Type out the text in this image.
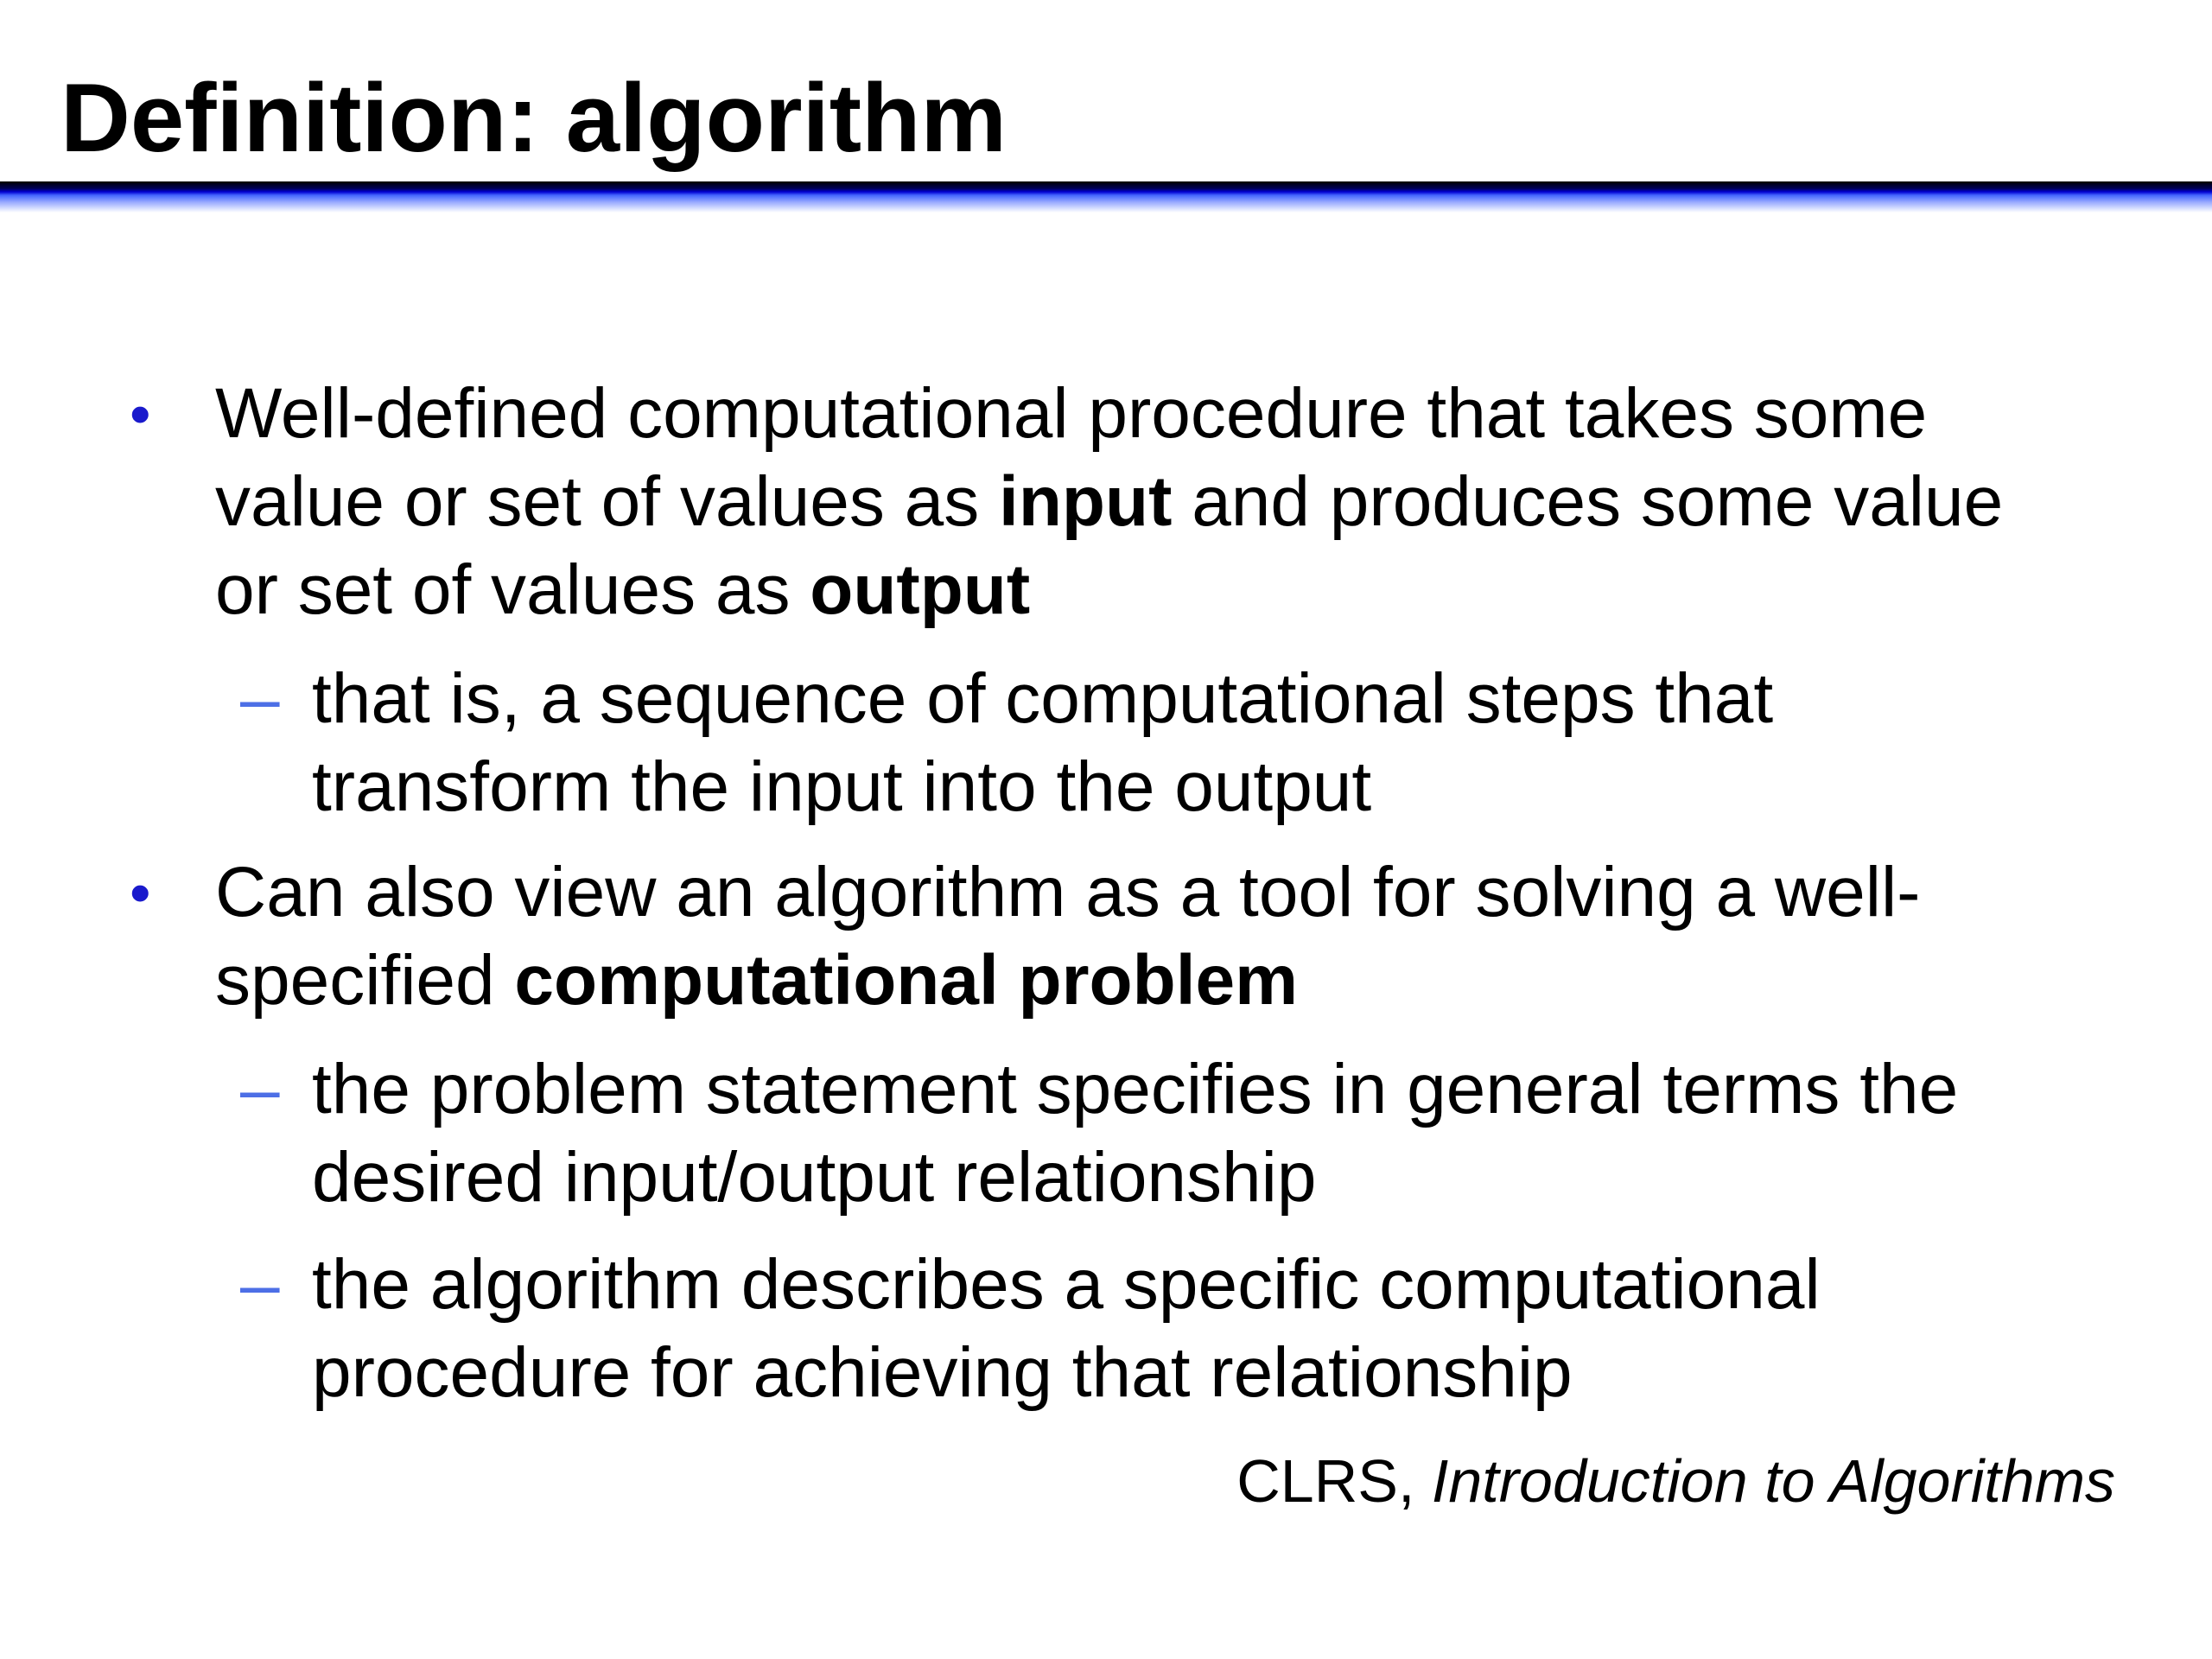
Definition: algorithm
• Well-defined computational procedure that takes some
value or set of values as input and produces some value
or set of values as output
– that is, a sequence of computational steps that
transform the input into the output
• Can also view an algorithm as a tool for solving a well-
specified computational problem
– the problem statement specifies in general terms the
desired input/output relationship
– the algorithm describes a specific computational
procedure for achieving that relationship
CLRS, Introduction to Algorithms
